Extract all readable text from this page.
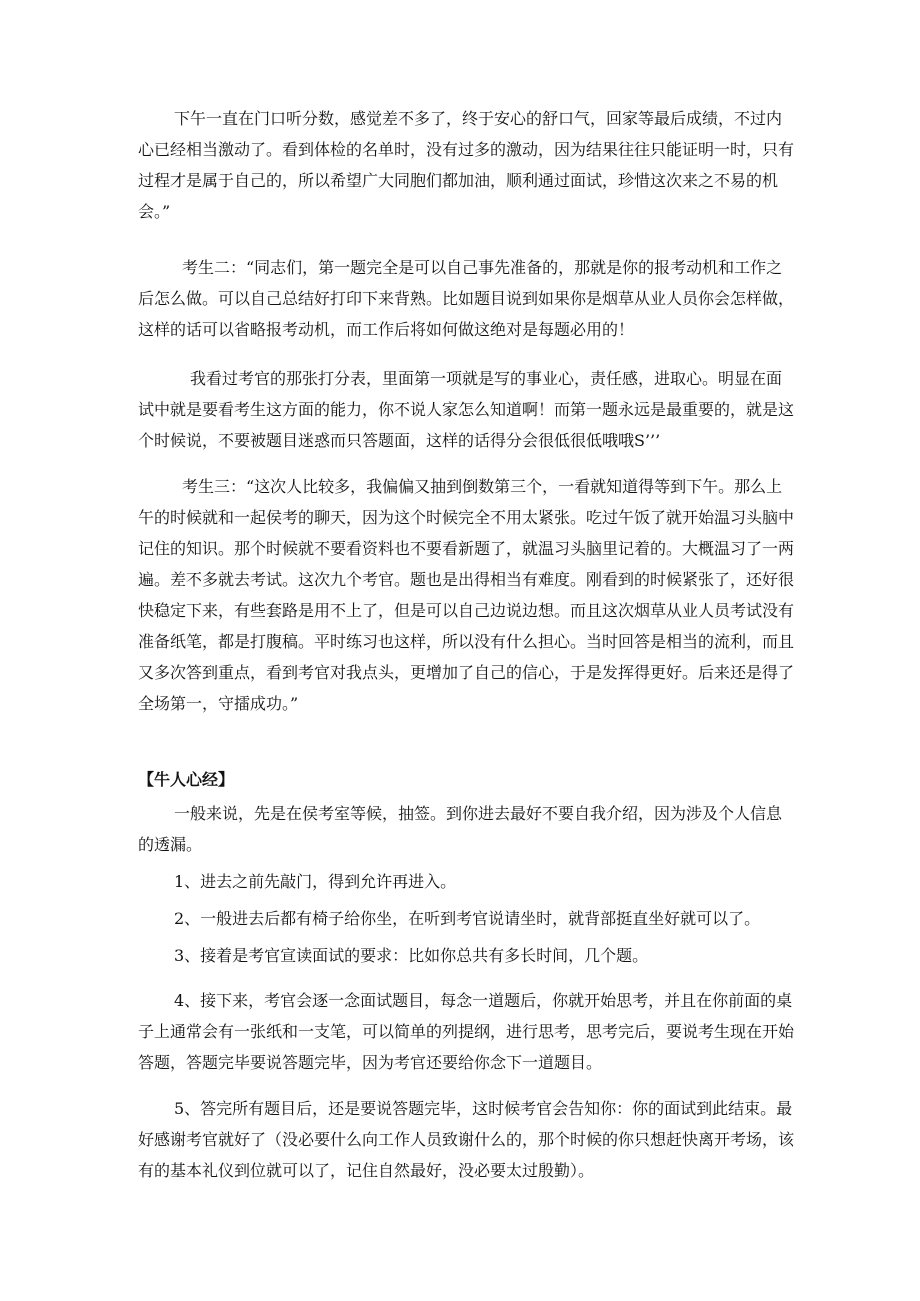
下午一直在门口听分数，感觉差不多了，终于安心的舒口气，回家等最后成绩，不过内心已经相当激动了。看到体检的名单时，没有过多的激动，因为结果往往只能证明一时，只有过程才是属于自己的，所以希望广大同胞们都加油，顺利通过面试，珍惜这次来之不易的机会。”

考生二：“同志们，第一题完全是可以自己事先准备的，那就是你的报考动机和工作之后怎么做。可以自己总结好打印下来背熟。比如题目说到如果你是烟草从业人员你会怎样做，这样的话可以省略报考动机，而工作后将如何做这绝对是每题必用的！

我看过考官的那张打分表，里面第一项就是写的事业心，责任感，进取心。明显在面试中就是要看考生这方面的能力，你不说人家怎么知道啊！而第一题永远是最重要的，就是这个时候说，不要被题目迷惑而只答题面，这样的话得分会很低很低哦哦S’’’

考生三：“这次人比较多，我偏偏又抽到倒数第三个，一看就知道得等到下午。那么上午的时候就和一起侯考的聊天，因为这个时候完全不用太紧张。吃过午饭了就开始温习头脑中记住的知识。那个时候就不要看资料也不要看新题了，就温习头脑里记着的。大概温习了一两遍。差不多就去考试。这次九个考官。题也是出得相当有难度。刚看到的时候紧张了，还好很快稳定下来，有些套路是用不上了，但是可以自己边说边想。而且这次烟草从业人员考试没有准备纸笔，都是打腹稿。平时练习也这样，所以没有什么担心。当时回答是相当的流利，而且又多次答到重点，看到考官对我点头，更增加了自己的信心，于是发挥得更好。后来还是得了全场第一，守擂成功。”

【牛人心经】

一般来说，先是在侯考室等候，抽签。到你进去最好不要自我介绍，因为涉及个人信息的透漏。

1、进去之前先敲门，得到允许再进入。

2、一般进去后都有椅子给你坐，在听到考官说请坐时，就背部挺直坐好就可以了。

3、接着是考官宣读面试的要求：比如你总共有多长时间，几个题。

4、接下来，考官会逐一念面试题目，每念一道题后，你就开始思考，并且在你前面的桌子上通常会有一张纸和一支笔，可以简单的列提纲，进行思考，思考完后，要说考生现在开始答题，答题完毕要说答题完毕，因为考官还要给你念下一道题目。

5、答完所有题目后，还是要说答题完毕，这时候考官会告知你：你的面试到此结束。最好感谢考官就好了（没必要什么向工作人员致谢什么的，那个时候的你只想赶快离开考场，该有的基本礼仪到位就可以了，记住自然最好，没必要太过殷勤）。
